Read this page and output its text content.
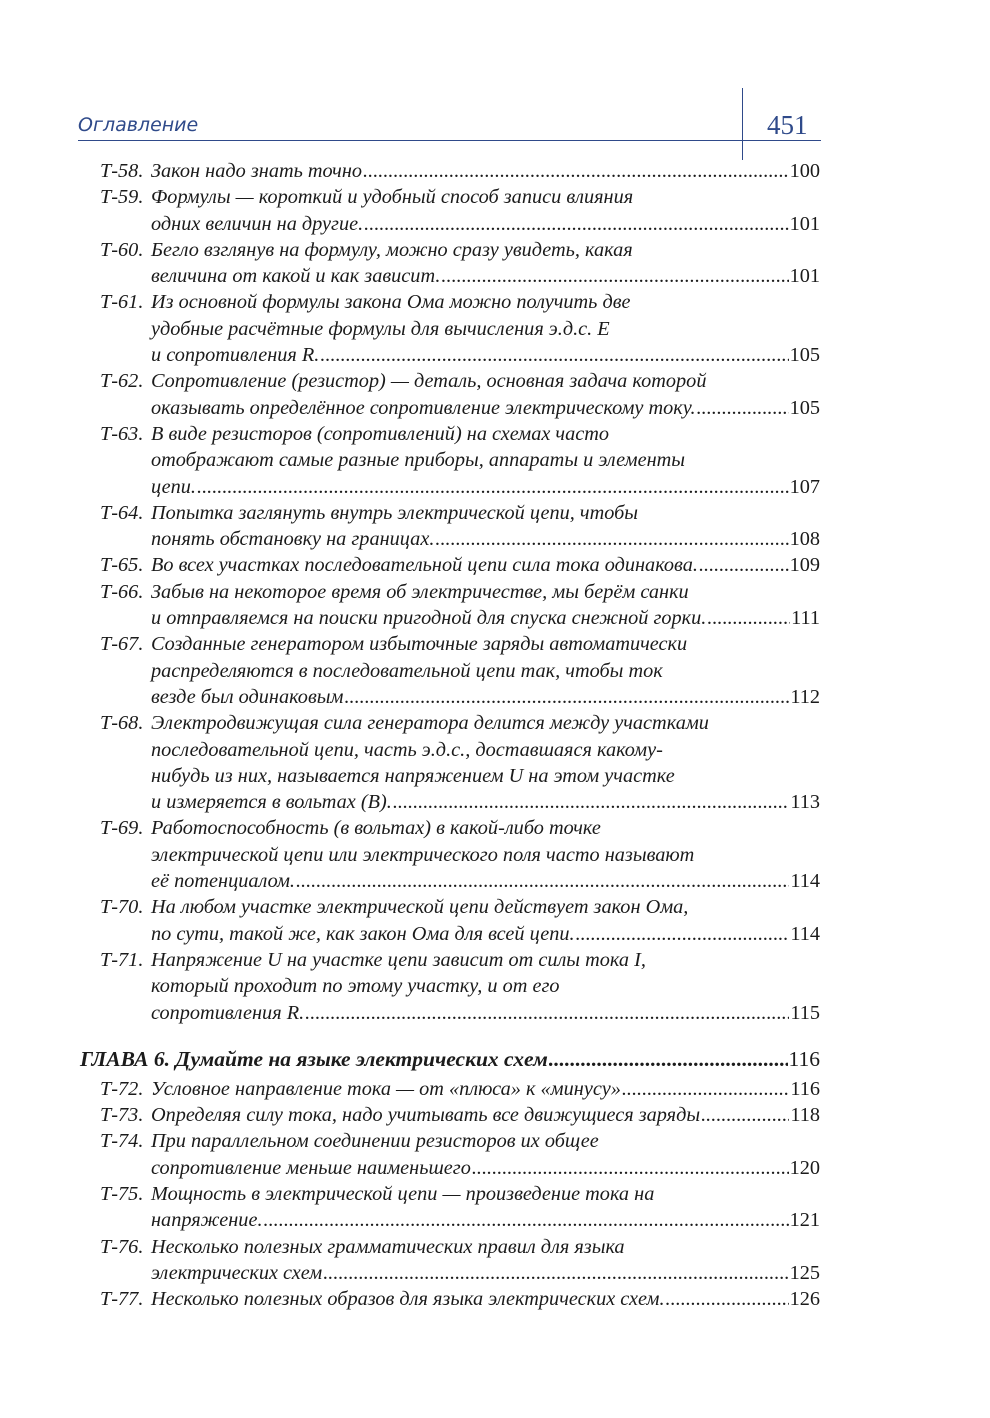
Оглавление	451
Т-58. Закон надо знать точно .....	100
Т-59. Формулы — короткий и удобный способ записи влияния
одних величин на другие. .....	101
Т-60. Бегло взглянув на формулу, можно сразу увидеть, какая
величина от какой и как зависит. .....	101
Т-61. Из основной формулы закона Ома можно получить две
удобные расчётные формулы для вычисления э.д.с. Е
и сопротивления R. .....	105
Т-62. Сопротивление (резистор) — деталь, основная задача которой
оказывать определённое сопротивление электрическому току. .....	105
Т-63. В виде резисторов (сопротивлений) на схемах часто
отображают самые разные приборы, аппараты и элементы
цепи. .....	107
Т-64. Попытка заглянуть внутрь электрической цепи, чтобы
понять обстановку на границах. .....	108
Т-65. Во всех участках последовательной цепи сила тока одинакова. .....	109
Т-66. Забыв на некоторое время об электричестве, мы берём санки
и отправляемся на поиски пригодной для спуска снежной горки. .....	111
Т-67. Созданные генератором избыточные заряды автоматически
распределяются в последовательной цепи так, чтобы ток
везде был одинаковым .....	112
Т-68. Электродвижущая сила генератора делится между участками
последовательной цепи, часть э.д.с., доставшаяся какому-
нибудь из них, называется напряжением U на этом участке
и измеряется в вольтах (В). .....	113
Т-69. Работоспособность (в вольтах) в какой-либо точке
электрической цепи или электрического поля часто называют
её потенциалом. .....	114
Т-70. На любом участке электрической цепи действует закон Ома,
по сути, такой же, как закон Ома для всей цепи. .....	114
Т-71. Напряжение U на участке цепи зависит от силы тока I,
который проходит по этому участку, и от его
сопротивления R. .....	115
ГЛАВА 6. Думайте на языке электрических схем .....	116
Т-72. Условное направление тока — от «плюса» к «минусу» .....	116
Т-73. Определяя силу тока, надо учитывать все движущиеся заряды .....	118
Т-74. При параллельном соединении резисторов их общее
сопротивление меньше наименьшего .....	120
Т-75. Мощность в электрической цепи — произведение тока на
напряжение. .....	121
Т-76. Несколько полезных грамматических правил для языка
электрических схем .....	125
Т-77. Несколько полезных образов для языка электрических схем. .....	126
